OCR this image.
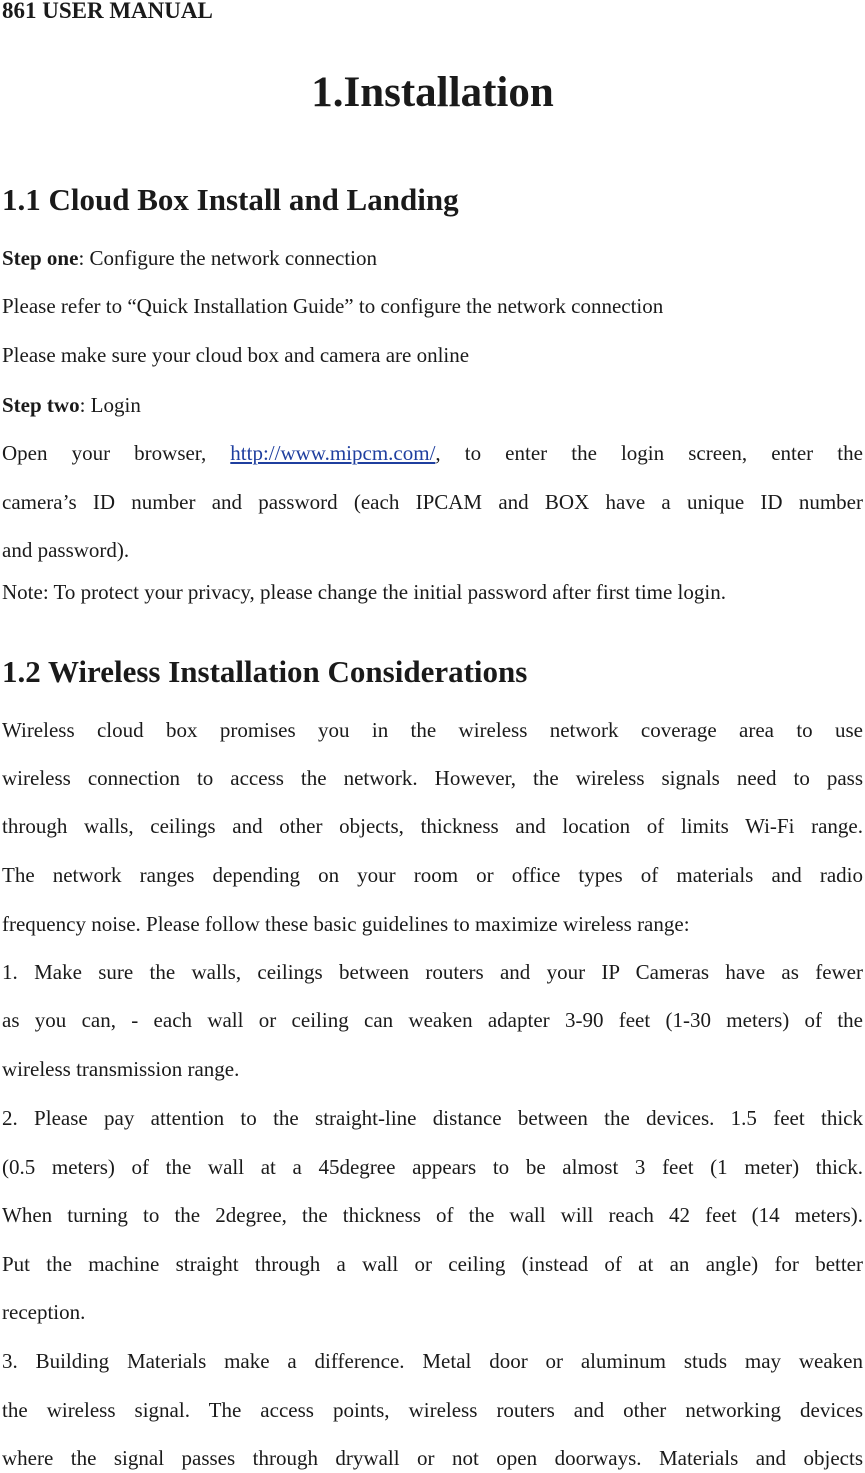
861 USER MANUAL
1.Installation
1.1 Cloud Box Install and Landing
Step one: Configure the network connection
Please refer to “Quick Installation Guide” to configure the network connection
Please make sure your cloud box and camera are online
Step two: Login
Open your browser, http://www.mipcm.com/, to enter the login screen, enter the
camera’s ID number and password (each IPCAM and BOX have a unique ID number
and password).
Note: To protect your privacy, please change the initial password after first time login.
1.2 Wireless Installation Considerations
Wireless cloud box promises you in the wireless network coverage area to use
wireless connection to access the network. However, the wireless signals need to pass
through walls, ceilings and other objects, thickness and location of limits Wi-Fi range.
The network ranges depending on your room or office types of materials and radio
frequency noise. Please follow these basic guidelines to maximize wireless range:
1. Make sure the walls, ceilings between routers and your IP Cameras have as fewer
as you can, - each wall or ceiling can weaken adapter 3-90 feet (1-30 meters) of the
wireless transmission range.
2. Please pay attention to the straight-line distance between the devices. 1.5 feet thick
(0.5 meters) of the wall at a 45degree appears to be almost 3 feet (1 meter) thick.
When turning to the 2degree, the thickness of the wall will reach 42 feet (14 meters).
Put the machine straight through a wall or ceiling (instead of at an angle) for better
reception.
3. Building Materials make a difference. Metal door or aluminum studs may weaken
the wireless signal. The access points, wireless routers and other networking devices
where the signal passes through drywall or not open doorways. Materials and objects
